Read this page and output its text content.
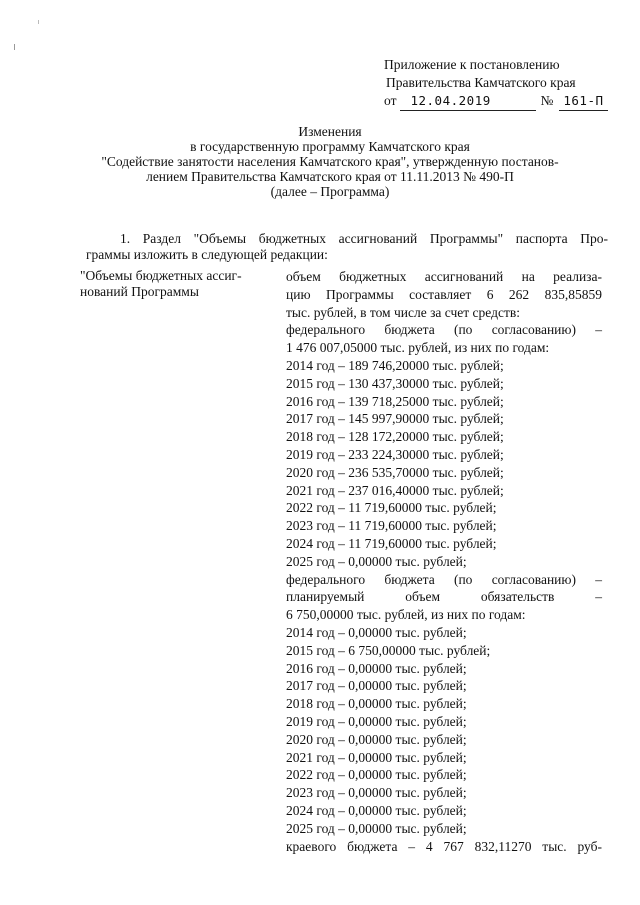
Приложение к постановлению
Правительства Камчатского края
от	12.04.2019	№ 161-П
Изменения
в государственную программу Камчатского края
"Содействие занятости населения Камчатского края", утвержденную постанов-
лением Правительства Камчатского края от 11.11.2013 № 490-П
(далее – Программа)
1. Раздел "Объемы бюджетных ассигнований Программы" паспорта Про-
граммы изложить в следующей редакции:
"Объемы бюджетных ассиг-
нований Программы
объем бюджетных ассигнований на реализа-
цию Программы составляет 6 262 835,85859
тыс. рублей, в том числе за счет средств:
федерального бюджета (по согласованию) –
1 476 007,05000 тыс. рублей, из них по годам:
2014 год – 189 746,20000 тыс. рублей;
2015 год – 130 437,30000 тыс. рублей;
2016 год – 139 718,25000 тыс. рублей;
2017 год – 145 997,90000 тыс. рублей;
2018 год – 128 172,20000 тыс. рублей;
2019 год – 233 224,30000 тыс. рублей;
2020 год – 236 535,70000 тыс. рублей;
2021 год – 237 016,40000 тыс. рублей;
2022 год – 11 719,60000 тыс. рублей;
2023 год – 11 719,60000 тыс. рублей;
2024 год – 11 719,60000 тыс. рублей;
2025 год – 0,00000 тыс. рублей;
федерального бюджета (по согласованию) –
планируемый объем обязательств –
6 750,00000 тыс. рублей, из них по годам:
2014 год – 0,00000 тыс. рублей;
2015 год – 6 750,00000 тыс. рублей;
2016 год – 0,00000 тыс. рублей;
2017 год – 0,00000 тыс. рублей;
2018 год – 0,00000 тыс. рублей;
2019 год – 0,00000 тыс. рублей;
2020 год – 0,00000 тыс. рублей;
2021 год – 0,00000 тыс. рублей;
2022 год – 0,00000 тыс. рублей;
2023 год – 0,00000 тыс. рублей;
2024 год – 0,00000 тыс. рублей;
2025 год – 0,00000 тыс. рублей;
краевого бюджета – 4 767 832,11270 тыс. руб-
